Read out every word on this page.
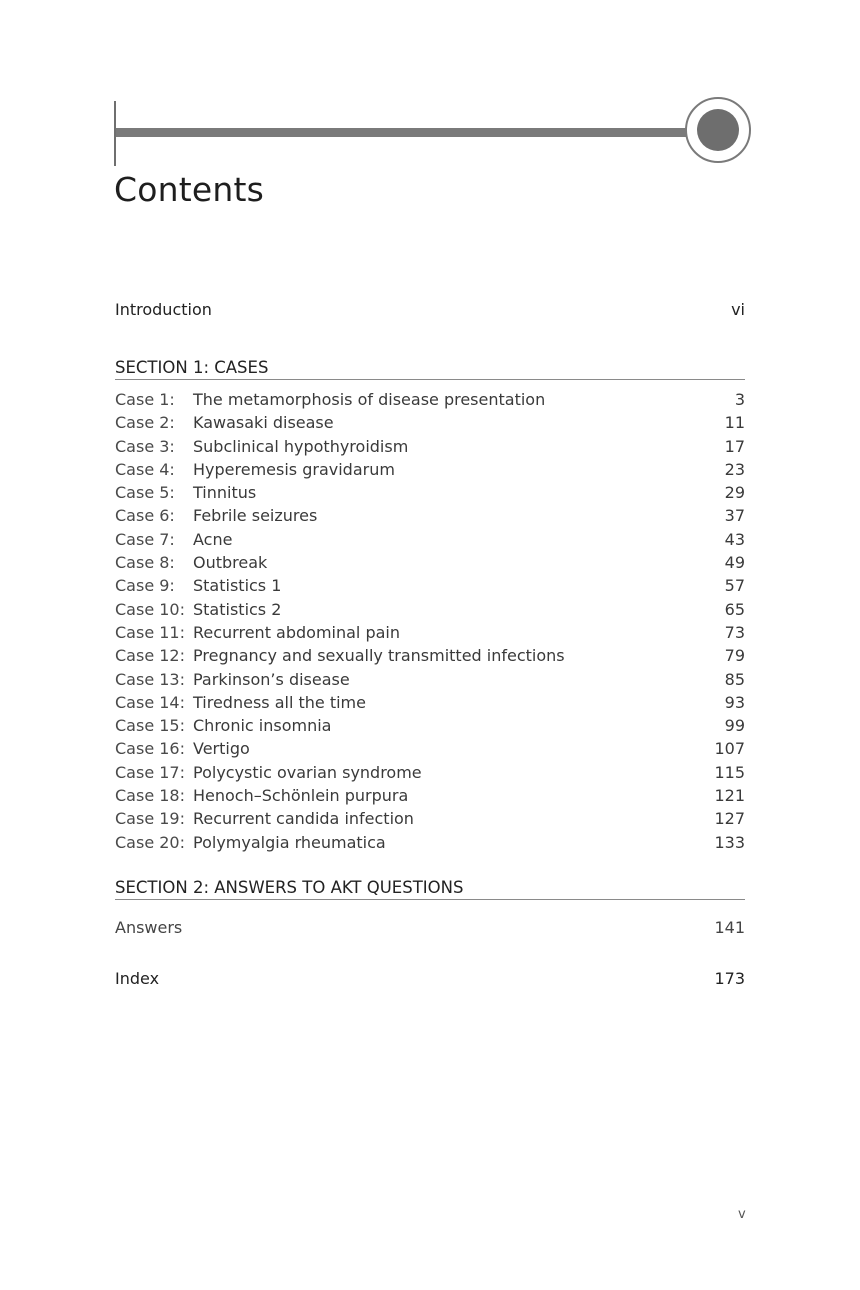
Contents
Introduction	vi
SECTION 1: CASES
Case 1:	The metamorphosis of disease presentation	3
Case 2:	Kawasaki disease	11
Case 3:	Subclinical hypothyroidism	17
Case 4:	Hyperemesis gravidarum	23
Case 5:	Tinnitus	29
Case 6:	Febrile seizures	37
Case 7:	Acne	43
Case 8:	Outbreak	49
Case 9:	Statistics 1	57
Case 10: Statistics 2	65
Case 11: Recurrent abdominal pain	73
Case 12: Pregnancy and sexually transmitted infections	79
Case 13: Parkinson’s disease	85
Case 14: Tiredness all the time	93
Case 15: Chronic insomnia	99
Case 16: Vertigo	107
Case 17: Polycystic ovarian syndrome	115
Case 18: Henoch–Schönlein purpura	121
Case 19: Recurrent candida infection	127
Case 20: Polymyalgia rheumatica	133
SECTION 2: ANSWERS TO AKT QUESTIONS
Answers	141
Index	173
v
